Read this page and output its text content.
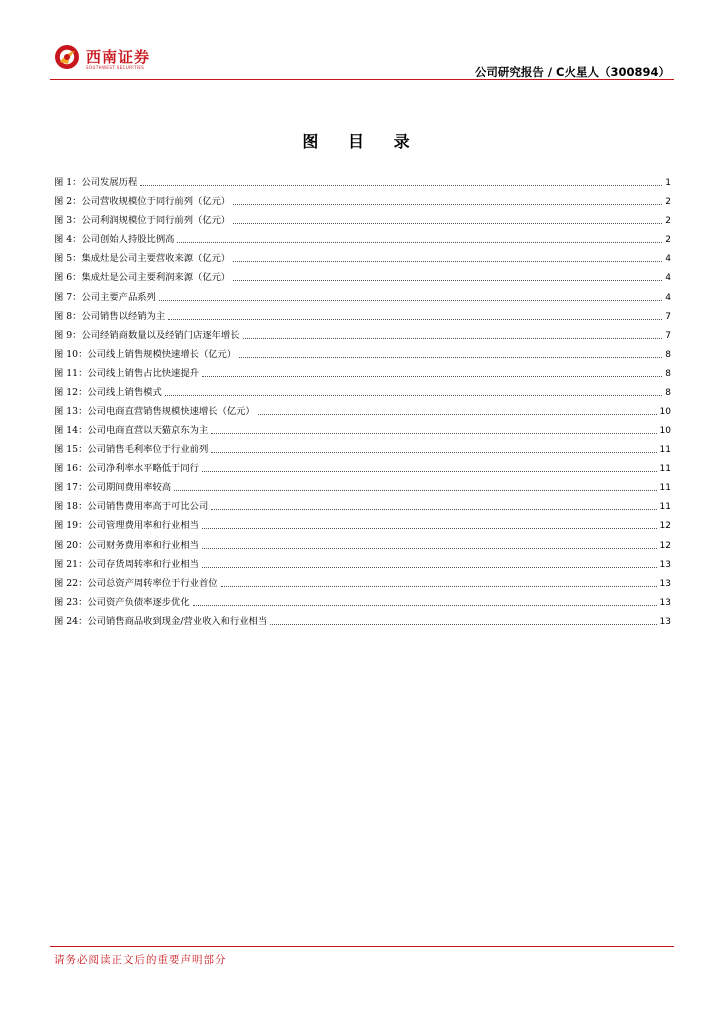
西南证券
SOUTHWEST SECURITIES	公司研究报告 / C火星人（300894）
图 目 录
图 1：公司发展历程	1
图 2：公司营收规模位于同行前列（亿元）	2
图 3：公司利润规模位于同行前列（亿元）	2
图 4：公司创始人持股比例高	2
图 5：集成灶是公司主要营收来源（亿元）	4
图 6：集成灶是公司主要利润来源（亿元）	4
图 7：公司主要产品系列	4
图 8：公司销售以经销为主	7
图 9：公司经销商数量以及经销门店逐年增长	7
图 10：公司线上销售规模快速增长（亿元）	8
图 11：公司线上销售占比快速提升	8
图 12：公司线上销售模式	8
图 13：公司电商直营销售规模快速增长（亿元）	10
图 14：公司电商直营以天猫京东为主	10
图 15：公司销售毛利率位于行业前列	11
图 16：公司净利率水平略低于同行	11
图 17：公司期间费用率较高	11
图 18：公司销售费用率高于可比公司	11
图 19：公司管理费用率和行业相当	12
图 20：公司财务费用率和行业相当	12
图 21：公司存货周转率和行业相当	13
图 22：公司总资产周转率位于行业首位	13
图 23：公司资产负债率逐步优化	13
图 24：公司销售商品收到现金/营业收入和行业相当	13
请务必阅读正文后的重要声明部分
